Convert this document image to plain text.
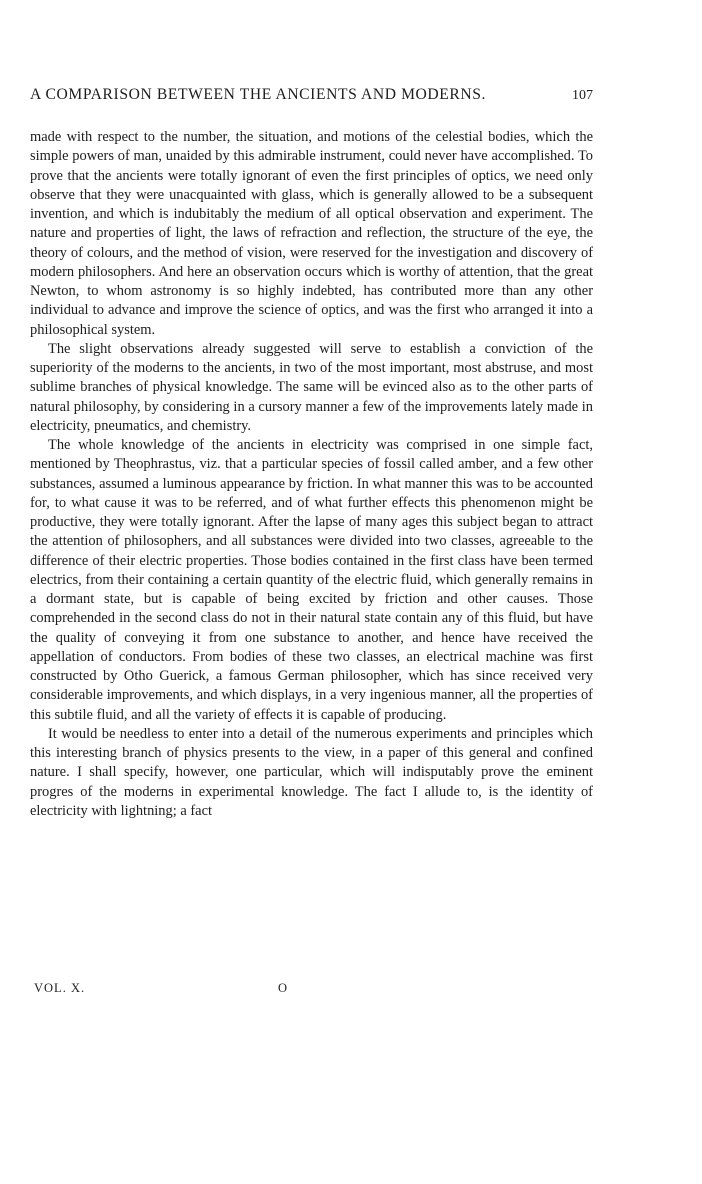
A COMPARISON BETWEEN THE ANCIENTS AND MODERNS.	107

made with respect to the number, the situation, and motions of the celestial bodies, which the simple powers of man, unaided by this admirable instrument, could never have accomplished. To prove that the ancients were totally ignorant of even the first principles of optics, we need only observe that they were unacquainted with glass, which is generally allowed to be a subsequent invention, and which is indubitably the medium of all optical observation and experiment. The nature and properties of light, the laws of refraction and reflection, the structure of the eye, the theory of colours, and the method of vision, were reserved for the investigation and discovery of modern philosophers. And here an observation occurs which is worthy of attention, that the great Newton, to whom astronomy is so highly indebted, has contributed more than any other individual to advance and improve the science of optics, and was the first who arranged it into a philosophical system.

The slight observations already suggested will serve to establish a conviction of the superiority of the moderns to the ancients, in two of the most important, most abstruse, and most sublime branches of physical knowledge. The same will be evinced also as to the other parts of natural philosophy, by considering in a cursory manner a few of the improvements lately made in electricity, pneumatics, and chemistry.

The whole knowledge of the ancients in electricity was comprised in one simple fact, mentioned by Theophrastus, viz. that a particular species of fossil called amber, and a few other substances, assumed a luminous appearance by friction. In what manner this was to be accounted for, to what cause it was to be referred, and of what further effects this phenomenon might be productive, they were totally ignorant. After the lapse of many ages this subject began to attract the attention of philosophers, and all substances were divided into two classes, agreeable to the difference of their electric properties. Those bodies contained in the first class have been termed electrics, from their containing a certain quantity of the electric fluid, which generally remains in a dormant state, but is capable of being excited by friction and other causes. Those comprehended in the second class do not in their natural state contain any of this fluid, but have the quality of conveying it from one substance to another, and hence have received the appellation of conductors. From bodies of these two classes, an electrical machine was first constructed by Otho Guerick, a famous German philosopher, which has since received very considerable improvements, and which displays, in a very ingenious manner, all the properties of this subtile fluid, and all the variety of effects it is capable of producing.

It would be needless to enter into a detail of the numerous experiments and principles which this interesting branch of physics presents to the view, in a paper of this general and confined nature. I shall specify, however, one particular, which will indisputably prove the eminent progres of the moderns in experimental knowledge. The fact I allude to, is the identity of electricity with lightning; a fact

VOL. X.	O
